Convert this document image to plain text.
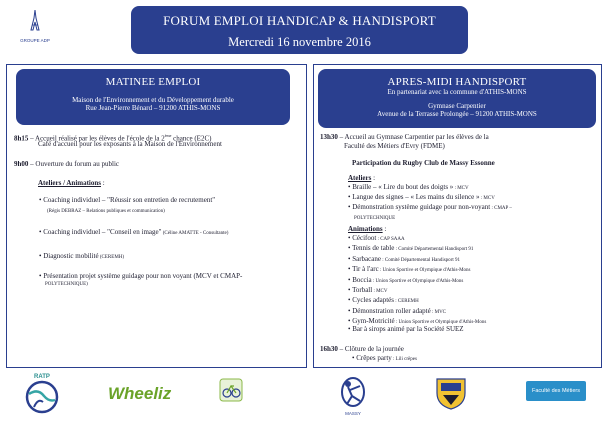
GROUPE ADP
FORUM EMPLOI HANDICAP & HANDISPORT
Mercredi 16 novembre 2016
MATINEE EMPLOI
Maison de l'Environnement et du Développement durable
Rue Jean-Pierre Bénard – 91200 ATHIS-MONS
APRES-MIDI HANDISPORT
En partenariat avec la commune d'ATHIS-MONS
Gymnase Carpentier
Avenue de la Terrasse Prolongée – 91200 ATHIS-MONS
8h15 – Accueil réalisé par les élèves de l'école de la 2ème chance (E2C)
Café d'accueil pour les exposants à la Maison de l'Environnement
9h00 – Ouverture du forum au public
Ateliers / Animations :
• Coaching individuel – "Réussir son entretien de recrutement"
(Régis DEBRAZ – Relations publiques et communication)
• Coaching individuel – "Conseil en image" (Céline AMATTE - Consultante)
• Diagnostic mobilité (CEREMH)
• Présentation projet système guidage pour non voyant (MCV et CMAP-
POLYTECHNIQUE)
13h30 – Accueil au Gymnase Carpentier par les élèves de la
Faculté des Métiers d'Evry (FDME)
Participation du Rugby Club de Massy Essonne
Ateliers :
• Braille – « Lire du bout des doigts » : MCV
• Langue des signes – « Les mains du silence » : MCV
• Démonstration système guidage pour non-voyant : CMAP –
POLYTECHNIQUE
Animations :
• Cécifoot : CAP SAAA
• Tennis de table : Comité Départemental Handisport 91
• Sarbacane : Comité Départemental Handisport 91
• Tir à l'arc : Union Sportive et Olympique d'Athis-Mons
• Boccia : Union Sportive et Olympique d'Athis-Mons
• Torball : MCV
• Cycles adaptés : CEREMH
• Démonstration roller adapté : MVC
• Gym-Motricité : Union Sportive et Olympique d'Athis-Mons
• Bar à sirops animé par la Société SUEZ
16h30 – Clôture de la journée
• Crêpes party : Lili crêpes
RATP
Wheeliz
MASSY
Faculté des Métiers
